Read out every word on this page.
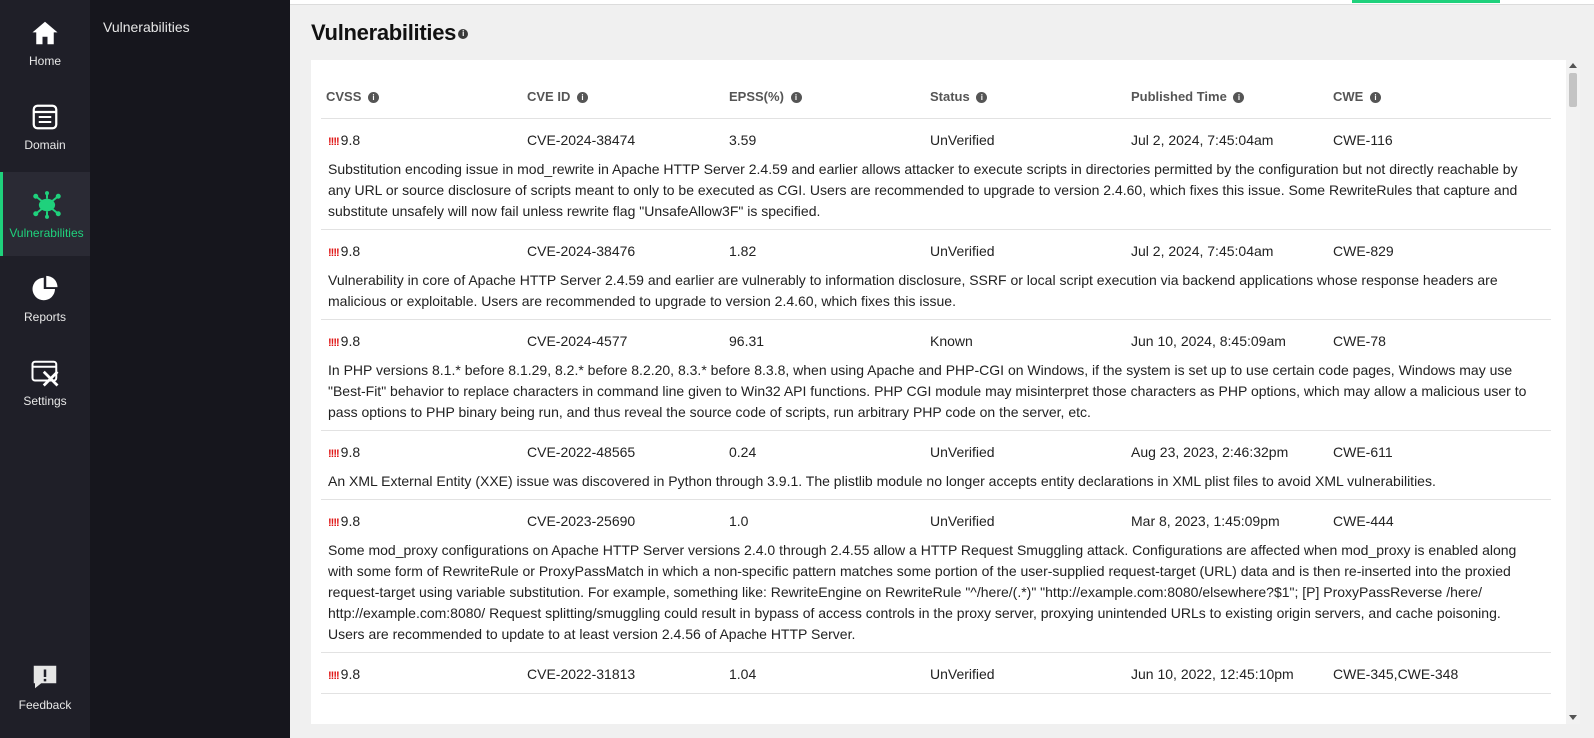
Home
Domain
Vulnerabilities
Reports
Settings
Feedback
Vulnerabilities	Vulnerabilities i
CVSS i	CVE ID i	EPSS(%) i	Status i	Published Time i	CWE i
!!!! 9.8	CVE-2024-38474	3.59	UnVerified	Jul 2, 2024, 7:45:04am	CWE-116

Substitution encoding issue in mod_rewrite in Apache HTTP Server 2.4.59 and earlier allows attacker to execute scripts in directories permitted by the configuration but not directly reachable by any URL or source disclosure of scripts meant to only to be executed as CGI. Users are recommended to upgrade to version 2.4.60, which fixes this issue. Some RewriteRules that capture and substitute unsafely will now fail unless rewrite flag "UnsafeAllow3F" is specified.

!!!! 9.8	CVE-2024-38476	1.82	UnVerified	Jul 2, 2024, 7:45:04am	CWE-829

Vulnerability in core of Apache HTTP Server 2.4.59 and earlier are vulnerably to information disclosure, SSRF or local script execution via backend applications whose response headers are malicious or exploitable. Users are recommended to upgrade to version 2.4.60, which fixes this issue.

!!!! 9.8	CVE-2024-4577	96.31	Known	Jun 10, 2024, 8:45:09am	CWE-78

In PHP versions 8.1.* before 8.1.29, 8.2.* before 8.2.20, 8.3.* before 8.3.8, when using Apache and PHP-CGI on Windows, if the system is set up to use certain code pages, Windows may use "Best-Fit" behavior to replace characters in command line given to Win32 API functions. PHP CGI module may misinterpret those characters as PHP options, which may allow a malicious user to pass options to PHP binary being run, and thus reveal the source code of scripts, run arbitrary PHP code on the server, etc.

!!!! 9.8	CVE-2022-48565	0.24	UnVerified	Aug 23, 2023, 2:46:32pm	CWE-611

An XML External Entity (XXE) issue was discovered in Python through 3.9.1. The plistlib module no longer accepts entity declarations in XML plist files to avoid XML vulnerabilities.

!!!! 9.8	CVE-2023-25690	1.0	UnVerified	Mar 8, 2023, 1:45:09pm	CWE-444

Some mod_proxy configurations on Apache HTTP Server versions 2.4.0 through 2.4.55 allow a HTTP Request Smuggling attack. Configurations are affected when mod_proxy is enabled along with some form of RewriteRule or ProxyPassMatch in which a non-specific pattern matches some portion of the user-supplied request-target (URL) data and is then re-inserted into the proxied request-target using variable substitution. For example, something like: RewriteEngine on RewriteRule "^/here/(.*)" "http://example.com:8080/elsewhere?$1"; [P] ProxyPassReverse /here/ http://example.com:8080/ Request splitting/smuggling could result in bypass of access controls in the proxy server, proxying unintended URLs to existing origin servers, and cache poisoning. Users are recommended to update to at least version 2.4.56 of Apache HTTP Server.

!!!! 9.8	CVE-2022-31813	1.04	UnVerified	Jun 10, 2022, 12:45:10pm	CWE-345,CWE-348
